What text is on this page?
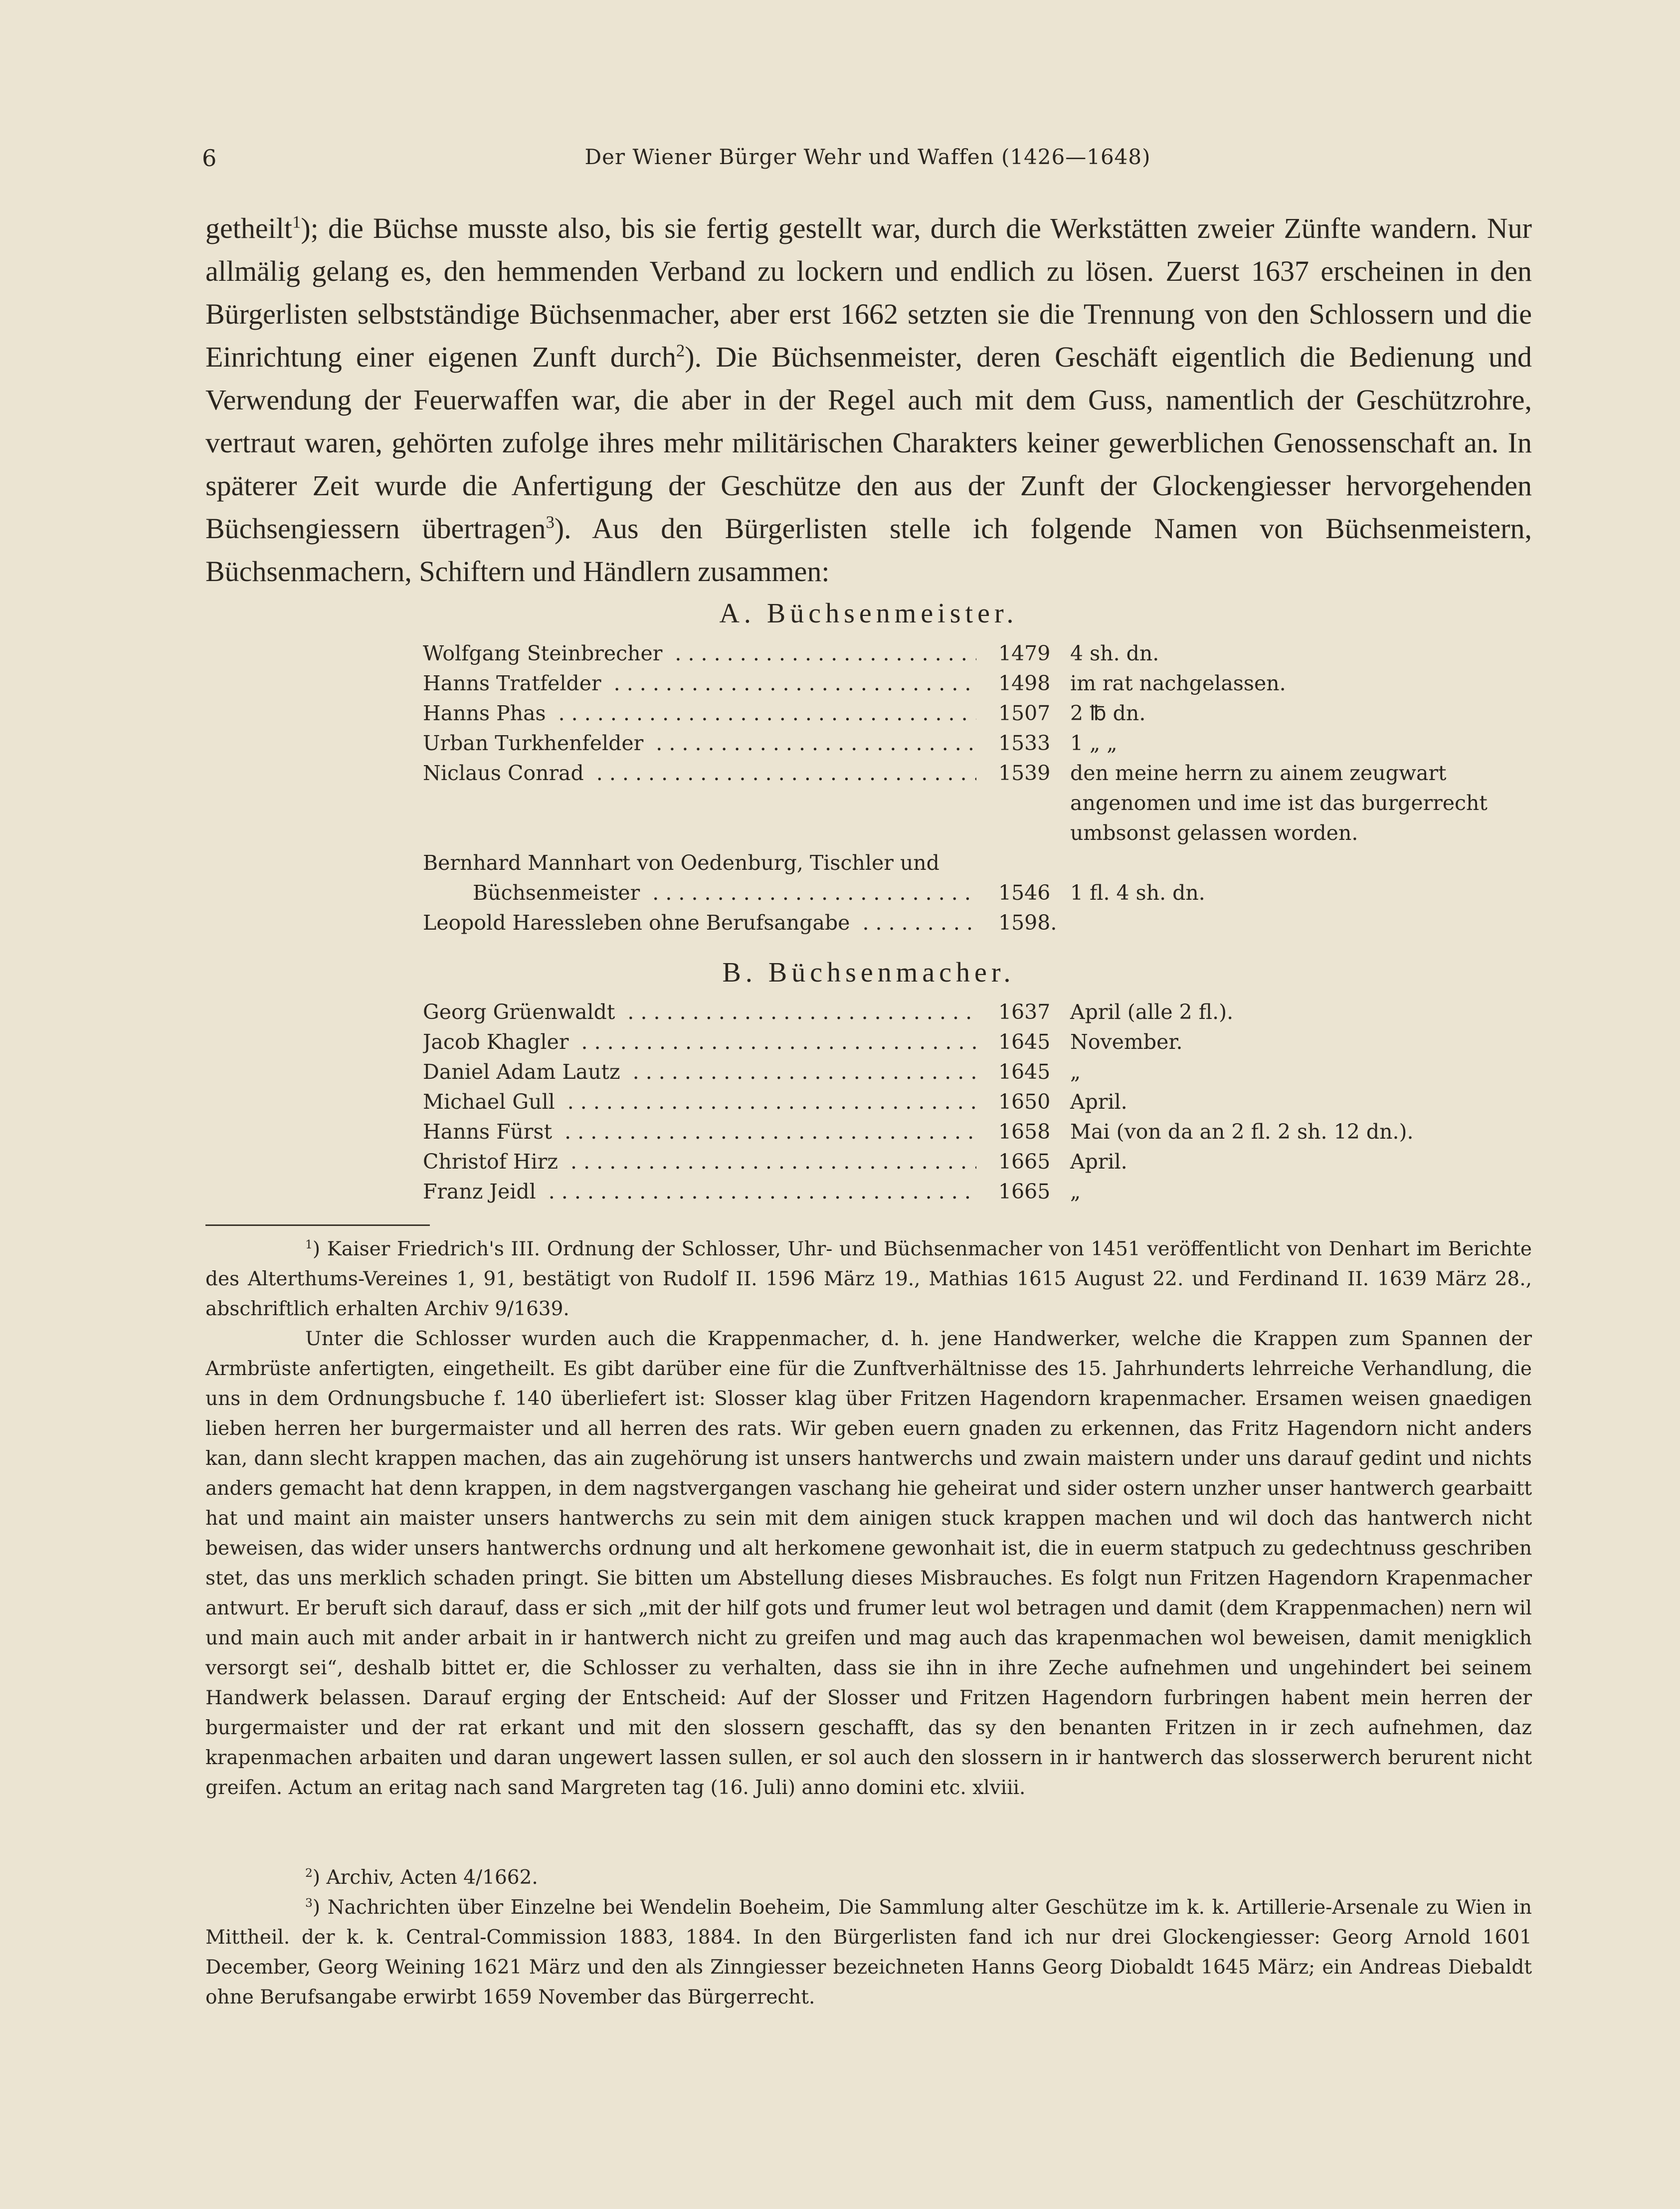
6	Der Wiener Bürger Wehr und Waffen (1426—1648)

getheilt$^1$); die Büchse musste also, bis sie fertig gestellt war, durch die Werkstätten zweier Zünfte wandern. Nur allmälig gelang es, den hemmenden Verband zu lockern und endlich zu lösen. Zuerst 1637 erscheinen in den Bürgerlisten selbstständige Büchsenmacher, aber erst 1662 setzten sie die Trennung von den Schlossern und die Einrichtung einer eigenen Zunft durch$^2$). Die Büchsenmeister, deren Geschäft eigentlich die Bedienung und Verwendung der Feuerwaffen war, die aber in der Regel auch mit dem Guss, namentlich der Geschützrohre, vertraut waren, gehörten zufolge ihres mehr militärischen Charakters keiner gewerblichen Genossenschaft an. In späterer Zeit wurde die Anfertigung der Geschütze den aus der Zunft der Glockengiesser hervorgehenden Büchsengiessern übertragen$^3$). Aus den Bürgerlisten stelle ich folgende Namen von Büchsenmeistern, Büchsenmachern, Schiftern und Händlern zusammen:

A. Büchsenmeister.
Wolfgang Steinbrecher . . .	1479 4 sh. dn.
Hanns Tratfelder . . .	1498 im rat nachgelassen.
Hanns Phas . . .	1507 2 ℔ dn.
Urban Turkhenfelder . . .	1533 1 „ „
Niclaus Conrad . . .	1539 den meine herrn zu ainem zeugwart angenomen und ime ist das burgerrecht umbsonst gelassen worden.
Bernhard Mannhart von Oedenburg, Tischler und
Büchsenmeister . . .	1546 1 fl. 4 sh. dn.
Leopold Haressleben ohne Berufsangabe . . .	1598.
B. Büchsenmacher.
Georg Grüenwaldt . . .	1637 April (alle 2 fl.).
Jacob Khagler . . .	1645 November.
Daniel Adam Lautz . . .	1645 „
Michael Gull . . .	1650 April.
Hanns Fürst . . .	1658 Mai (von da an 2 fl. 2 sh. 12 dn.).
Christof Hirz . . .	1665 April.
Franz Jeidl . . .	1665 „

$^1$) Kaiser Friedrich's III. Ordnung der Schlosser, Uhr- und Büchsenmacher von 1451 veröffentlicht von Denhart im Berichte des Alterthums-Vereines 1, 91, bestätigt von Rudolf II. 1596 März 19., Mathias 1615 August 22. und Ferdinand II. 1639 März 28., abschriftlich erhalten Archiv 9/1639.

Unter die Schlosser wurden auch die Krappenmacher, d. h. jene Handwerker, welche die Krappen zum Spannen der Armbrüste anfertigten, eingetheilt. Es gibt darüber eine für die Zunftverhältnisse des 15. Jahrhunderts lehrreiche Verhandlung, die uns in dem Ordnungsbuche f. 140 überliefert ist: Slosser klag über Fritzen Hagendorn krapenmacher. Ersamen weisen gnaedigen lieben herren her burgermaister und all herren des rats. Wir geben euern gnaden zu erkennen, das Fritz Hagendorn nicht anders kan, dann slecht krappen machen, das ain zugehörung ist unsers hantwerchs und zwain maistern under uns darauf gedint und nichts anders gemacht hat denn krappen, in dem nagstvergangen vaschang hie geheirat und sider ostern unzher unser hantwerch gearbaitt hat und maint ain maister unsers hantwerchs zu sein mit dem ainigen stuck krappen machen und wil doch das hantwerch nicht beweisen, das wider unsers hantwerchs ordnung und alt herkomene gewonhait ist, die in euerm statpuch zu gedechtnuss geschriben stet, das uns merklich schaden pringt. Sie bitten um Abstellung dieses Misbrauches. Es folgt nun Fritzen Hagendorn Krapenmacher antwurt. Er beruft sich darauf, dass er sich „mit der hilf gots und frumer leut wol betragen und damit (dem Krappenmachen) nern wil und main auch mit ander arbait in ir hantwerch nicht zu greifen und mag auch das krapenmachen wol beweisen, damit menigklich versorgt sei“, deshalb bittet er, die Schlosser zu verhalten, dass sie ihn in ihre Zeche aufnehmen und ungehindert bei seinem Handwerk belassen. Darauf erging der Entscheid: Auf der Slosser und Fritzen Hagendorn furbringen habent mein herren der burgermaister und der rat erkant und mit den slossern geschafft, das sy den benanten Fritzen in ir zech aufnehmen, daz krapenmachen arbaiten und daran ungewert lassen sullen, er sol auch den slossern in ir hantwerch das slosserwerch berurent nicht greifen. Actum an eritag nach sand Margreten tag (16. Juli) anno domini etc. xlviii.

$^2$) Archiv, Acten 4/1662.

$^3$) Nachrichten über Einzelne bei Wendelin Boeheim, Die Sammlung alter Geschütze im k. k. Artillerie-Arsenale zu Wien in Mittheil. der k. k. Central-Commission 1883, 1884. In den Bürgerlisten fand ich nur drei Glockengiesser: Georg Arnold 1601 December, Georg Weining 1621 März und den als Zinngiesser bezeichneten Hanns Georg Diobaldt 1645 März; ein Andreas Diebaldt ohne Berufsangabe erwirbt 1659 November das Bürgerrecht.
